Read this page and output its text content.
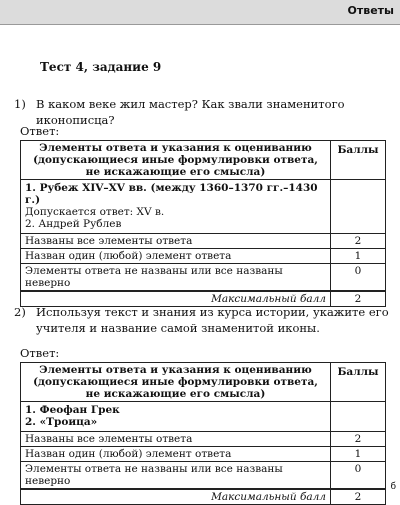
Ответы
Тест 4, задание 9
1) В каком веке жил мастер? Как звали знаменитого иконописца?
Ответ:
Элементы ответа и указания к оцениванию (допускающиеся иные формулировки ответа, не искажающие его смысла)	Баллы

1. Рубеж XIV–XV вв. (между 1360–1370 гг.–1430 г.)
Допускается ответ: XV в.
2. Андрей Рублев	

Названы все элементы ответа	2
Назван один (любой) элемент ответа	1
Элементы ответа не названы или все названы неверно	0
Максимальный балл	2
2) Используя текст и знания из курса истории, укажите его учителя и название самой знаменитой иконы.
Ответ:
Элементы ответа и указания к оцениванию (допускающиеся иные формулировки ответа, не искажающие его смысла)	Баллы

1. Феофан Грек
2. «Троица»	

Названы все элементы ответа	2
Назван один (любой) элемент ответа	1
Элементы ответа не названы или все названы неверно	0
Максимальный балл	2
б
